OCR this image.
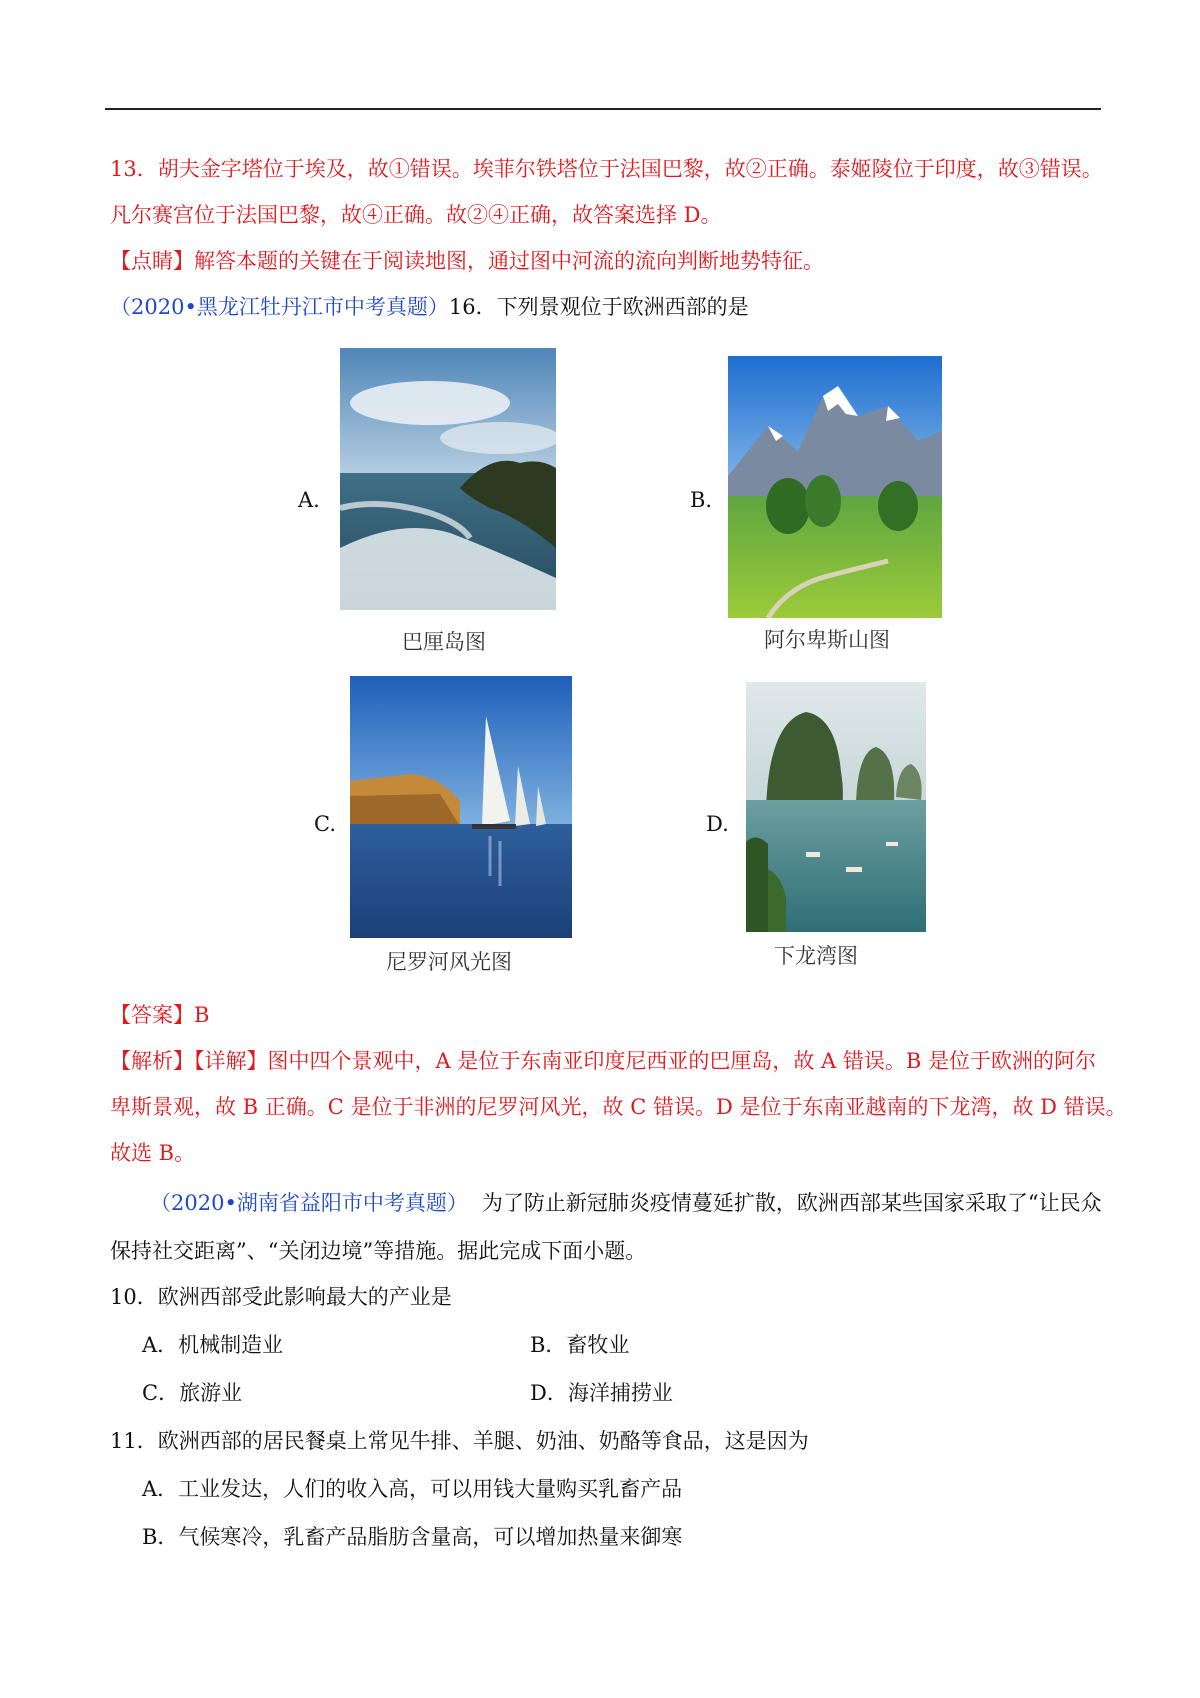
13．胡夫金字塔位于埃及，故①错误。埃菲尔铁塔位于法国巴黎，故②正确。泰姬陵位于印度，故③错误。
凡尔赛宫位于法国巴黎，故④正确。故②④正确，故答案选择 D。
【点睛】解答本题的关键在于阅读地图，通过图中河流的流向判断地势特征。
（2020•黑龙江牡丹江市中考真题）16．下列景观位于欧洲西部的是
A.
巴厘岛图
B.
阿尔卑斯山图
C.
尼罗河风光图
D.
下龙湾图
【答案】B
【解析】【详解】图中四个景观中，A 是位于东南亚印度尼西亚的巴厘岛，故 A 错误。B 是位于欧洲的阿尔
卑斯景观，故 B 正确。C 是位于非洲的尼罗河风光，故 C 错误。D 是位于东南亚越南的下龙湾，故 D 错误。
故选 B。
（2020•湖南省益阳市中考真题） 为了防止新冠肺炎疫情蔓延扩散，欧洲西部某些国家采取了“让民众
保持社交距离”、“关闭边境”等措施。据此完成下面小题。
10．欧洲西部受此影响最大的产业是
A．机械制造业	B．畜牧业
C．旅游业	D．海洋捕捞业
11．欧洲西部的居民餐桌上常见牛排、羊腿、奶油、奶酪等食品，这是因为
A．工业发达，人们的收入高，可以用钱大量购买乳畜产品
B．气候寒冷，乳畜产品脂肪含量高，可以增加热量来御寒
